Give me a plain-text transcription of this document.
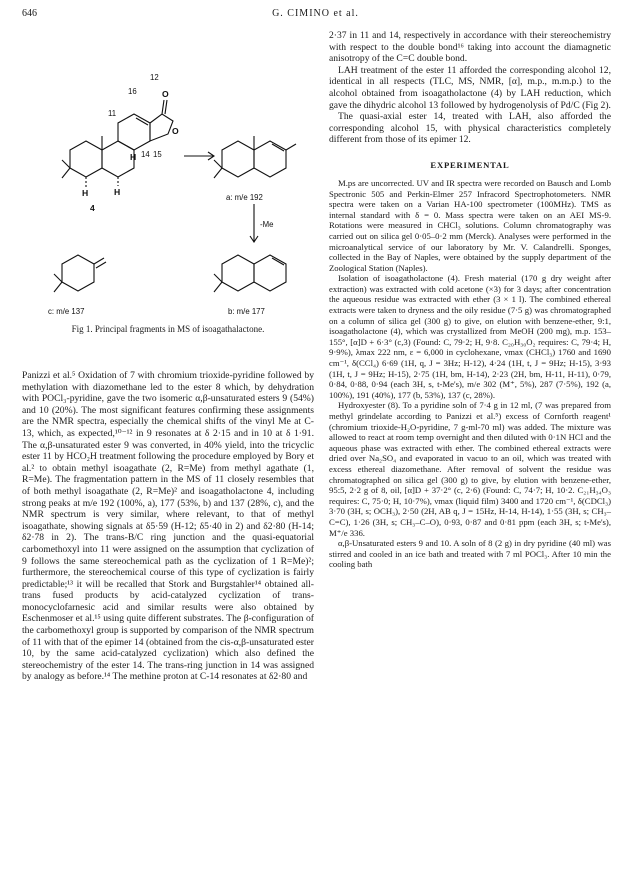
646	G. CIMINO et al.
12
11
14 15
16	O
O
H
H
H
4
a: m/e 192
-Me
b: m/e 177
c: m/e 137
Fig 1. Principal fragments in MS of isoagathalactone.

Panizzi et al.⁵ Oxidation of 7 with chromium trioxide-pyridine followed by methylation with diazomethane led to the ester 8 which, by dehydration with POCl₃-pyridine, gave the two isomeric α,β-unsaturated esters 9 (54%) and 10 (20%). The most significant features confirming these assignments are the NMR spectra, especially the chemical shifts of the vinyl Me at C-13, which, as expected,¹⁰⁻¹² in 9 resonates at δ 2·15 and in 10 at δ 1·91. The α,β-unsaturated ester 9 was converted, in 40% yield, into the tricyclic ester 11 by HCO₂H treatment following the procedure employed by Bory et al.² to obtain methyl isoagathate (2, R=Me) from methyl agathate (1, R=Me). The fragmentation pattern in the MS of 11 closely resembles that of both methyl isoagathate (2, R=Me)² and isoagatholactone 4, including strong peaks at m/e 192 (100%, a), 177 (53%, b) and 137 (28%, c), and the NMR spectrum is very similar, where relevant, to that of methyl isoagathate, showing signals at δ5·59 (H-12; δ5·40 in 2) and δ2·80 (H-14; δ2·78 in 2). The trans-B/C ring junction and the quasi-equatorial carbomethoxyl into 11 were assigned on the assumption that cyclization of 9 follows the same stereochemical path as the cyclization of 1 R=Me)²; furthermore, the stereochemical course of this type of cyclization is fairly predictable;¹³ it will be recalled that Stork and Burgstahler¹⁴ obtained all-trans fused products by acid-catalyzed cyclization of trans-monocyclofarnesic acid and similar results were also obtained by Eschenmoser et al.¹⁵ using quite different substrates. The β-configuration of the carbomethoxyl group is supported by comparison of the NMR spectrum of 11 with that of the epimer 14 (obtained from the cis-α,β-unsaturated ester 10, by the same acid-catalyzed cyclization) which also defined the stereochemistry of the ester 14. The trans-ring junction in 14 was assigned by analogy as before.¹⁴ The methine proton at C-14 resonates at δ2·80 and

2·37 in 11 and 14, respectively in accordance with their stereochemistry with respect to the double bond¹⁶ taking into account the diamagnetic anisotropy of the C=C double bond.

LAH treatment of the ester 11 afforded the corresponding alcohol 12, identical in all respects (TLC, MS, NMR, [α], m.p., m.m.p.) to the alcohol obtained from isoagatholactone (4) by LAH reduction, which gave the dihydric alcohol 13 followed by hydrogenolysis of Pd/C (Fig 2).

The quasi-axial ester 14, treated with LAH, also afforded the corresponding alcohol 15, with physical characteristics completely different from those of its epimer 12.

EXPERIMENTAL

M.ps are uncorrected. UV and IR spectra were recorded on Bausch and Lomb Spectronic 505 and Perkin-Elmer 257 Infracord Spectrophotometers. NMR spectra were taken on a Varian HA-100 spectrometer (100MHz). TMS as internal standard with δ = 0. Mass spectra were taken on an AEI MS-9. Rotations were measured in CHCl₃ solutions. Column chromatography was carried out on silica gel 0·05–0·2 mm (Merck). Analyses were performed in the microanalytical service of our laboratory by Mr. V. Calandrelli. Sponges, collected in the Bay of Naples, were obtained by the supply department of the Zoological Station (Naples).

Isolation of isoagatholactone (4). Fresh material (170 g dry weight after extraction) was extracted with cold acetone (×3) for 3 days; after concentration the aqueous residue was extracted with ether (3 × 1 l). The combined ethereal extracts were taken to dryness and the oily residue (7·5 g) was chromatographed on a column of silica gel (300 g) to give, on elution with benzene-ether, 9:1, isoagatholactone (4), which was crystallized from MeOH (200 mg), m.p. 153–155°, [α]D + 6·3° (c,3) (Found: C, 79·2; H, 9·8. C₂₀H₃₀O₂ requires: C, 79·4; H, 9·9%), λmax 222 nm, ε = 6,000 in cyclohexane, νmax (CHCl₃) 1760 and 1690 cm⁻¹, δ(CCl₄) 6·69 (1H, q, J = 3Hz; H-12), 4·24 (1H, t, J = 9Hz; H-15), 3·93 (1H, t, J = 9Hz; H-15), 2·75 (1H, bm, H-14), 2·23 (2H, bm, H-11, H-11), 0·79, 0·84, 0·88, 0·94 (each 3H, s, t-Me's), m/e 302 (M⁺, 5%), 287 (7·5%), 192 (a, 100%), 191 (40%), 177 (b, 53%), 137 (c, 28%).

Hydroxyester (8). To a pyridine soln of 7·4 g in 12 ml, (7 was prepared from methyl grindelate according to Panizzi et al.⁵) excess of Cornforth reagent¹ (chromium trioxide-H₂O-pyridine, 7 g-ml-70 ml) was added. The mixture was allowed to react at room temp overnight and then diluted with 0·1N HCl and the aqueous phase was extracted with ether. The combined ethereal extracts were dried over Na₂SO₄ and evaporated in vacuo to an oil, which was treated with excess ethereal diazomethane. After removal of solvent the residue was chromatographed on silica gel (300 g) to give, by elution with benzene-ether, 95:5, 2·2 g of 8, oil, [α]D + 37·2° (c, 2·6) (Found: C, 74·7; H, 10·2. C₂₁H₃₄O₃ requires: C, 75·0; H, 10·7%), νmax (liquid film) 3400 and 1720 cm⁻¹, δ(CDCl₃) 3·70 (3H, s; OCH₃), 2·50 (2H, AB q, J = 15Hz, H-14, H-14), 1·55 (3H, s; CH₃–C=C), 1·26 (3H, s; CH₃–C–O), 0·93, 0·87 and 0·81 ppm (each 3H, s; t-Me's), M⁺/e 336.

α,β-Unsaturated esters 9 and 10. A soln of 8 (2 g) in dry pyridine (40 ml) was stirred and cooled in an ice bath and treated with 7 ml POCl₃. After 10 min the cooling bath
